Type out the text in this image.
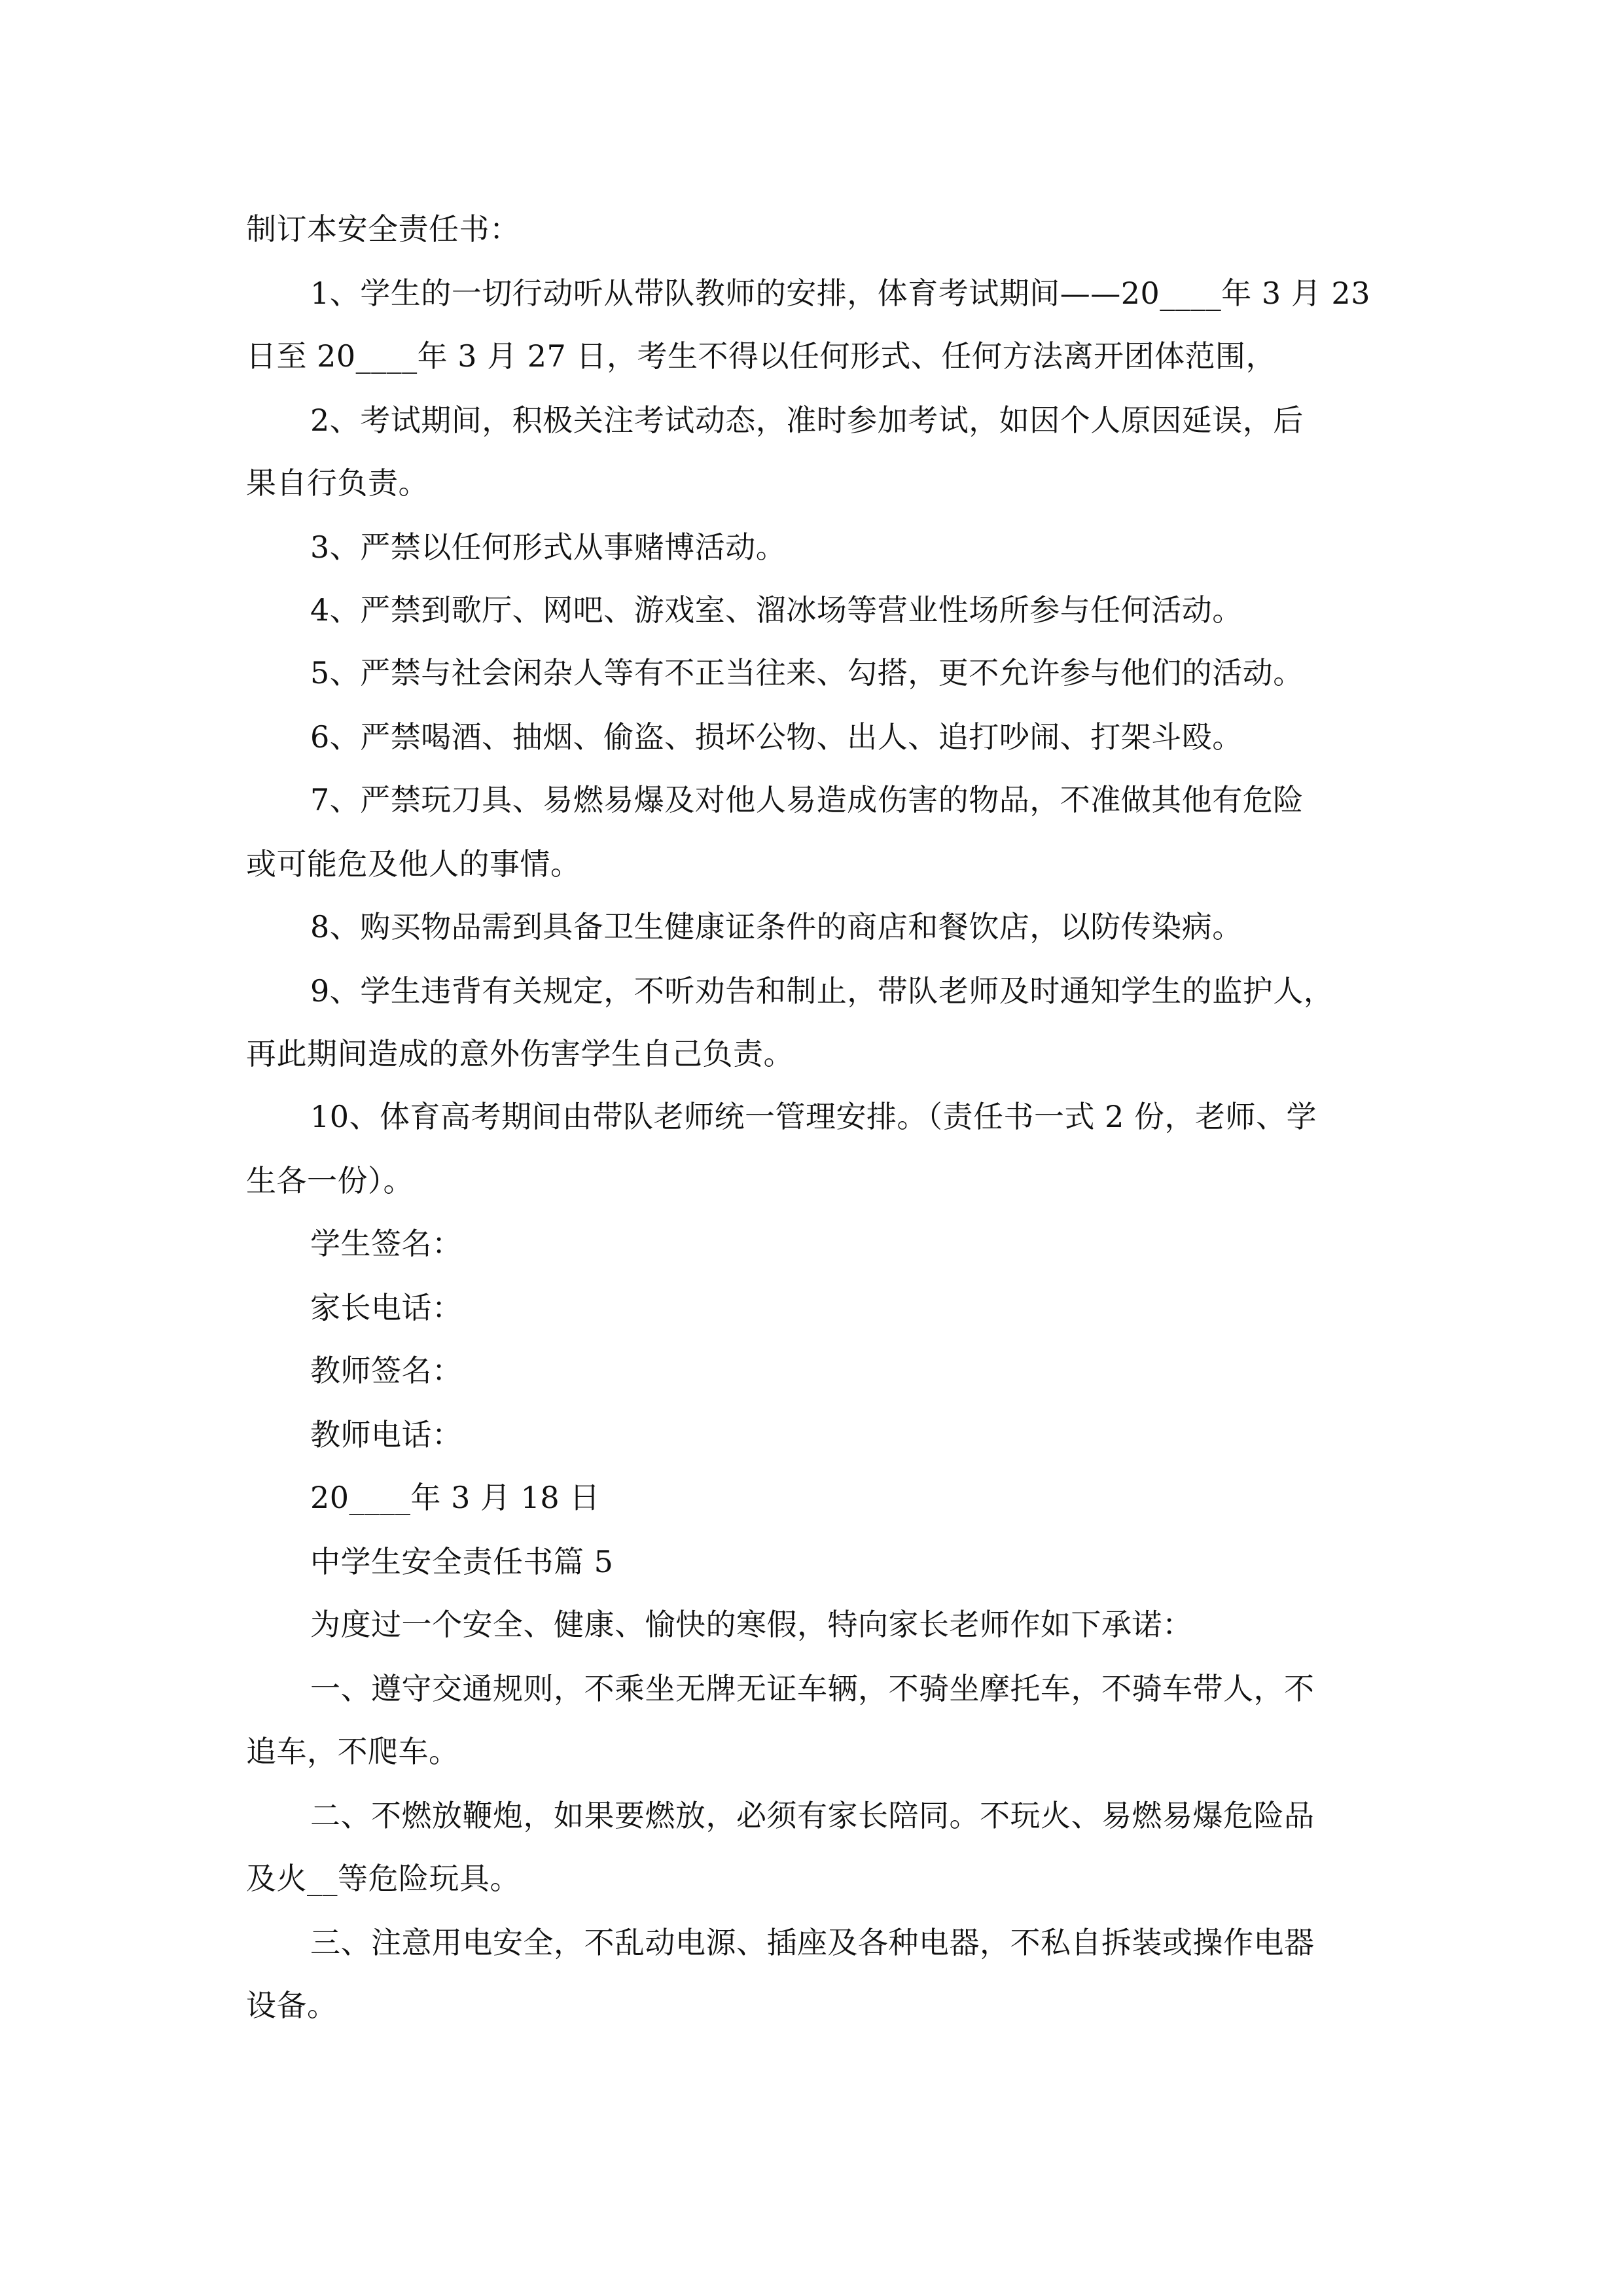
制订本安全责任书：
1、学生的一切行动听从带队教师的安排，体育考试期间——20____年 3 月 23
日至 20____年 3 月 27 日，考生不得以任何形式、任何方法离开团体范围，
2、考试期间，积极关注考试动态，准时参加考试，如因个人原因延误，后
果自行负责。
3、严禁以任何形式从事赌博活动。
4、严禁到歌厅、网吧、游戏室、溜冰场等营业性场所参与任何活动。
5、严禁与社会闲杂人等有不正当往来、勾搭，更不允许参与他们的活动。
6、严禁喝酒、抽烟、偷盗、损坏公物、出人、追打吵闹、打架斗殴。
7、严禁玩刀具、易燃易爆及对他人易造成伤害的物品，不准做其他有危险
或可能危及他人的事情。
8、购买物品需到具备卫生健康证条件的商店和餐饮店，以防传染病。
9、学生违背有关规定，不听劝告和制止，带队老师及时通知学生的监护人，
再此期间造成的意外伤害学生自己负责。
10、体育高考期间由带队老师统一管理安排。（责任书一式 2 份，老师、学
生各一份）。
学生签名：
家长电话：
教师签名：
教师电话：
20____年 3 月 18 日
中学生安全责任书篇 5
为度过一个安全、健康、愉快的寒假，特向家长老师作如下承诺：
一、遵守交通规则，不乘坐无牌无证车辆，不骑坐摩托车，不骑车带人，不
追车，不爬车。
二、不燃放鞭炮，如果要燃放，必须有家长陪同。不玩火、易燃易爆危险品
及火__等危险玩具。
三、注意用电安全，不乱动电源、插座及各种电器，不私自拆装或操作电器
设备。
